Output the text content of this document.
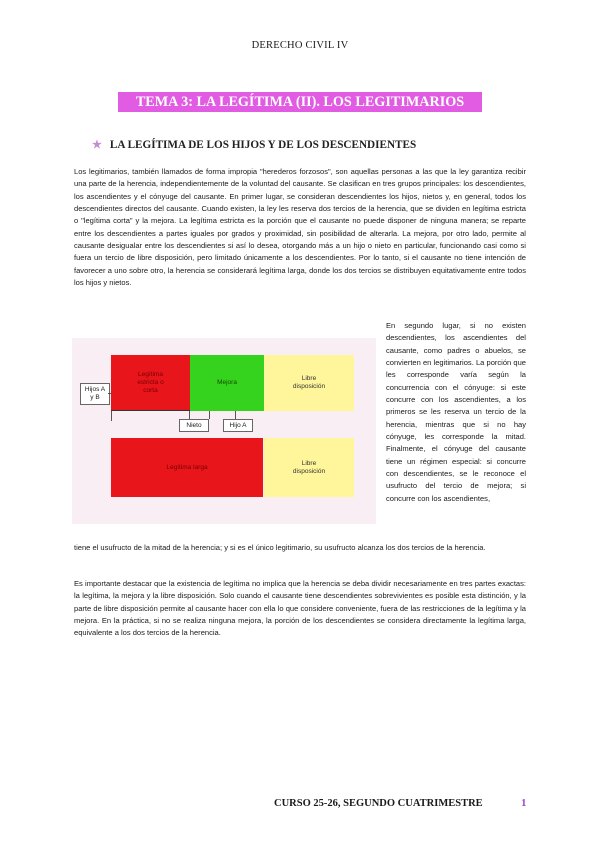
DERECHO CIVIL IV
TEMA 3: LA LEGÍTIMA (II). LOS LEGITIMARIOS
★ LA LEGÍTIMA DE LOS HIJOS Y DE LOS DESCENDIENTES
Los legitimarios, también llamados de forma impropia "herederos forzosos", son aquellas personas a las que la ley garantiza recibir una parte de la herencia, independientemente de la voluntad del causante. Se clasifican en tres grupos principales: los descendientes, los ascendientes y el cónyuge del causante. En primer lugar, se consideran descendientes los hijos, nietos y, en general, todos los descendientes directos del causante. Cuando existen, la ley les reserva dos tercios de la herencia, que se dividen en legítima estricta o "legítima corta" y la mejora. La legítima estricta es la porción que el causante no puede disponer de ninguna manera; se reparte entre los descendientes a partes iguales por grados y proximidad, sin posibilidad de alterarla. La mejora, por otro lado, permite al causante desigualar entre los descendientes si así lo desea, otorgando más a un hijo o nieto en particular, funcionando casi como si fuera un tercio de libre disposición, pero limitado únicamente a los descendientes. Por lo tanto, si el causante no tiene intención de favorecer a uno sobre otro, la herencia se considerará legítima larga, donde los dos tercios se distribuyen equitativamente entre todos los hijos y nietos.
Legítima
estricta o
corta
Mejora
Libre
disposición
Hijos A
y B
Nieto	Hijo A
Legítima larga
Libre
disposición
En segundo lugar, si no existen descendientes, los ascendientes del causante, como padres o abuelos, se convierten en legitimarios. La porción que les corresponde varía según la concurrencia con el cónyuge: si este concurre con los ascendientes, a los primeros se les reserva un tercio de la herencia, mientras que si no hay cónyuge, les corresponde la mitad. Finalmente, el cónyuge del causante tiene un régimen especial: si concurre con descendientes, se le reconoce el usufructo del tercio de mejora; si concurre con los ascendientes,
tiene el usufructo de la mitad de la herencia; y si es el único legitimario, su usufructo alcanza los dos tercios de la herencia.
Es importante destacar que la existencia de legítima no implica que la herencia se deba dividir necesariamente en tres partes exactas: la legítima, la mejora y la libre disposición. Solo cuando el causante tiene descendientes sobrevivientes es posible esta distinción, y la parte de libre disposición permite al causante hacer con ella lo que considere conveniente, fuera de las restricciones de la legítima y la mejora. En la práctica, si no se realiza ninguna mejora, la porción de los descendientes se considera directamente la legítima larga, equivalente a los dos tercios de la herencia.
CURSO 25-26, SEGUNDO CUATRIMESTRE	1
